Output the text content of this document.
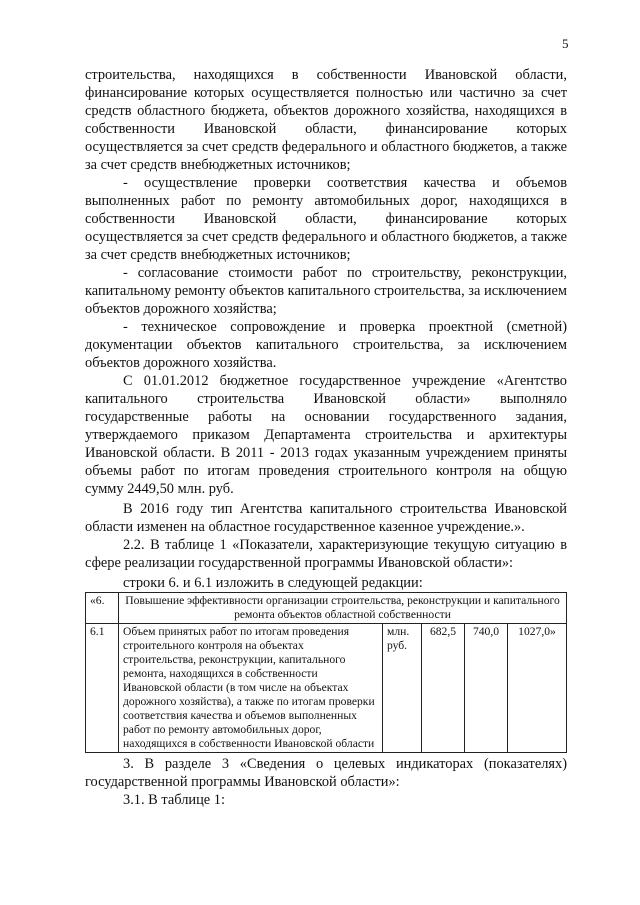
5

строительства, находящихся в собственности Ивановской области, финансирование которых осуществляется полностью или частично за счет средств областного бюджета, объектов дорожного хозяйства, находящихся в собственности Ивановской области, финансирование которых осуществляется за счет средств федерального и областного бюджетов, а также за счет средств внебюджетных источников;

- осуществление проверки соответствия качества и объемов выполненных работ по ремонту автомобильных дорог, находящихся в собственности Ивановской области, финансирование которых осуществляется за счет средств федерального и областного бюджетов, а также за счет средств внебюджетных источников;

- согласование стоимости работ по строительству, реконструкции, капитальному ремонту объектов капитального строительства, за исключением объектов дорожного хозяйства;

- техническое сопровождение и проверка проектной (сметной) документации объектов капитального строительства, за исключением объектов дорожного хозяйства.

С 01.01.2012 бюджетное государственное учреждение «Агентство капитального строительства Ивановской области» выполняло государственные работы на основании государственного задания, утверждаемого приказом Департамента строительства и архитектуры Ивановской области. В 2011 - 2013 годах указанным учреждением приняты объемы работ по итогам проведения строительного контроля на общую сумму 2449,50 млн. руб.

В 2016 году тип Агентства капитального строительства Ивановской области изменен на областное государственное казенное учреждение.».

2.2. В таблице 1 «Показатели, характеризующие текущую ситуацию в сфере реализации государственной программы Ивановской области»:

строки 6. и 6.1 изложить в следующей редакции:

«6.	Повышение эффективности организации строительства, реконструкции и капитального ремонта объектов областной собственности				
6.1	Объем принятых работ по итогам проведения строительного контроля на объектах строительства, реконструкции, капитального ремонта, находящихся в собственности Ивановской области (в том числе на объектах дорожного хозяйства), а также по итогам проверки соответствия качества и объемов выполненных работ по ремонту автомобильных дорог, находящихся в собственности Ивановской области	млн. руб.	682,5	740,0	1027,0»

3. В разделе 3 «Сведения о целевых индикаторах (показателях) государственной программы Ивановской области»:

3.1. В таблице 1:
